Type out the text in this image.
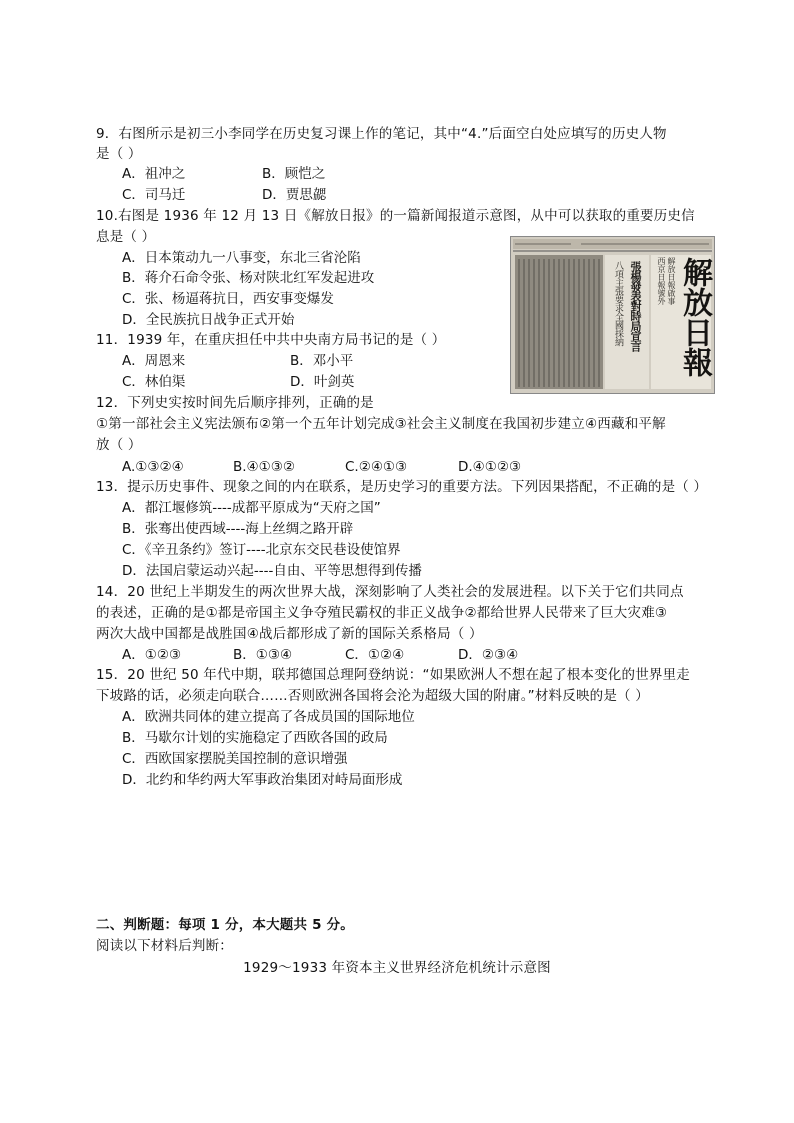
9．右图所示是初三小李同学在历史复习课上作的笔记，其中“4.”后面空白处应填写的历史人物
是（ ）
A．祖冲之	B．顾恺之
C．司马迁	D．贾思勰
10.右图是 1936 年 12 月 13 日《解放日报》的一篇新闻报道示意图，从中可以获取的重要历史信
息是（ ）
A．日本策动九一八事变，东北三省沦陷
B．蒋介石命令张、杨对陕北红军发起进攻
C．张、杨逼蒋抗日，西安事变爆发
D．全民族抗日战争正式开始	張楊發表對時局宣言
八項主張要求全國採納	西京日報號外 解放日報啟事 解放日報
11．1939 年，在重庆担任中共中央南方局书记的是（ ）
A．周恩来	B．邓小平
C．林伯渠	D．叶剑英
12．下列史实按时间先后顺序排列，正确的是
①第一部社会主义宪法颁布②第一个五年计划完成③社会主义制度在我国初步建立④西藏和平解
放（ ）
A.①③②④	B.④①③②	C.②④①③	D.④①②③
13．提示历史事件、现象之间的内在联系，是历史学习的重要方法。下列因果搭配，不正确的是（ ）
A．都江堰修筑----成都平原成为“天府之国”
B．张骞出使西域----海上丝绸之路开辟
C．《辛丑条约》签订----北京东交民巷设使馆界
D．法国启蒙运动兴起----自由、平等思想得到传播
14．20 世纪上半期发生的两次世界大战，深刻影响了人类社会的发展进程。以下关于它们共同点
的表述，正确的是①都是帝国主义争夺殖民霸权的非正义战争②都给世界人民带来了巨大灾难③
两次大战中国都是战胜国④战后都形成了新的国际关系格局（ ）
A．①②③	B．①③④	C．①②④	D．②③④
15．20 世纪 50 年代中期，联邦德国总理阿登纳说：“如果欧洲人不想在起了根本变化的世界里走
下坡路的话，必须走向联合……否则欧洲各国将会沦为超级大国的附庸。”材料反映的是（ ）
A．欧洲共同体的建立提高了各成员国的国际地位
B．马歇尔计划的实施稳定了西欧各国的政局
C．西欧国家摆脱美国控制的意识增强
D．北约和华约两大军事政治集团对峙局面形成
二、判断题：每项 1 分，本大题共 5 分。
阅读以下材料后判断：
1929～1933 年资本主义世界经济危机统计示意图
